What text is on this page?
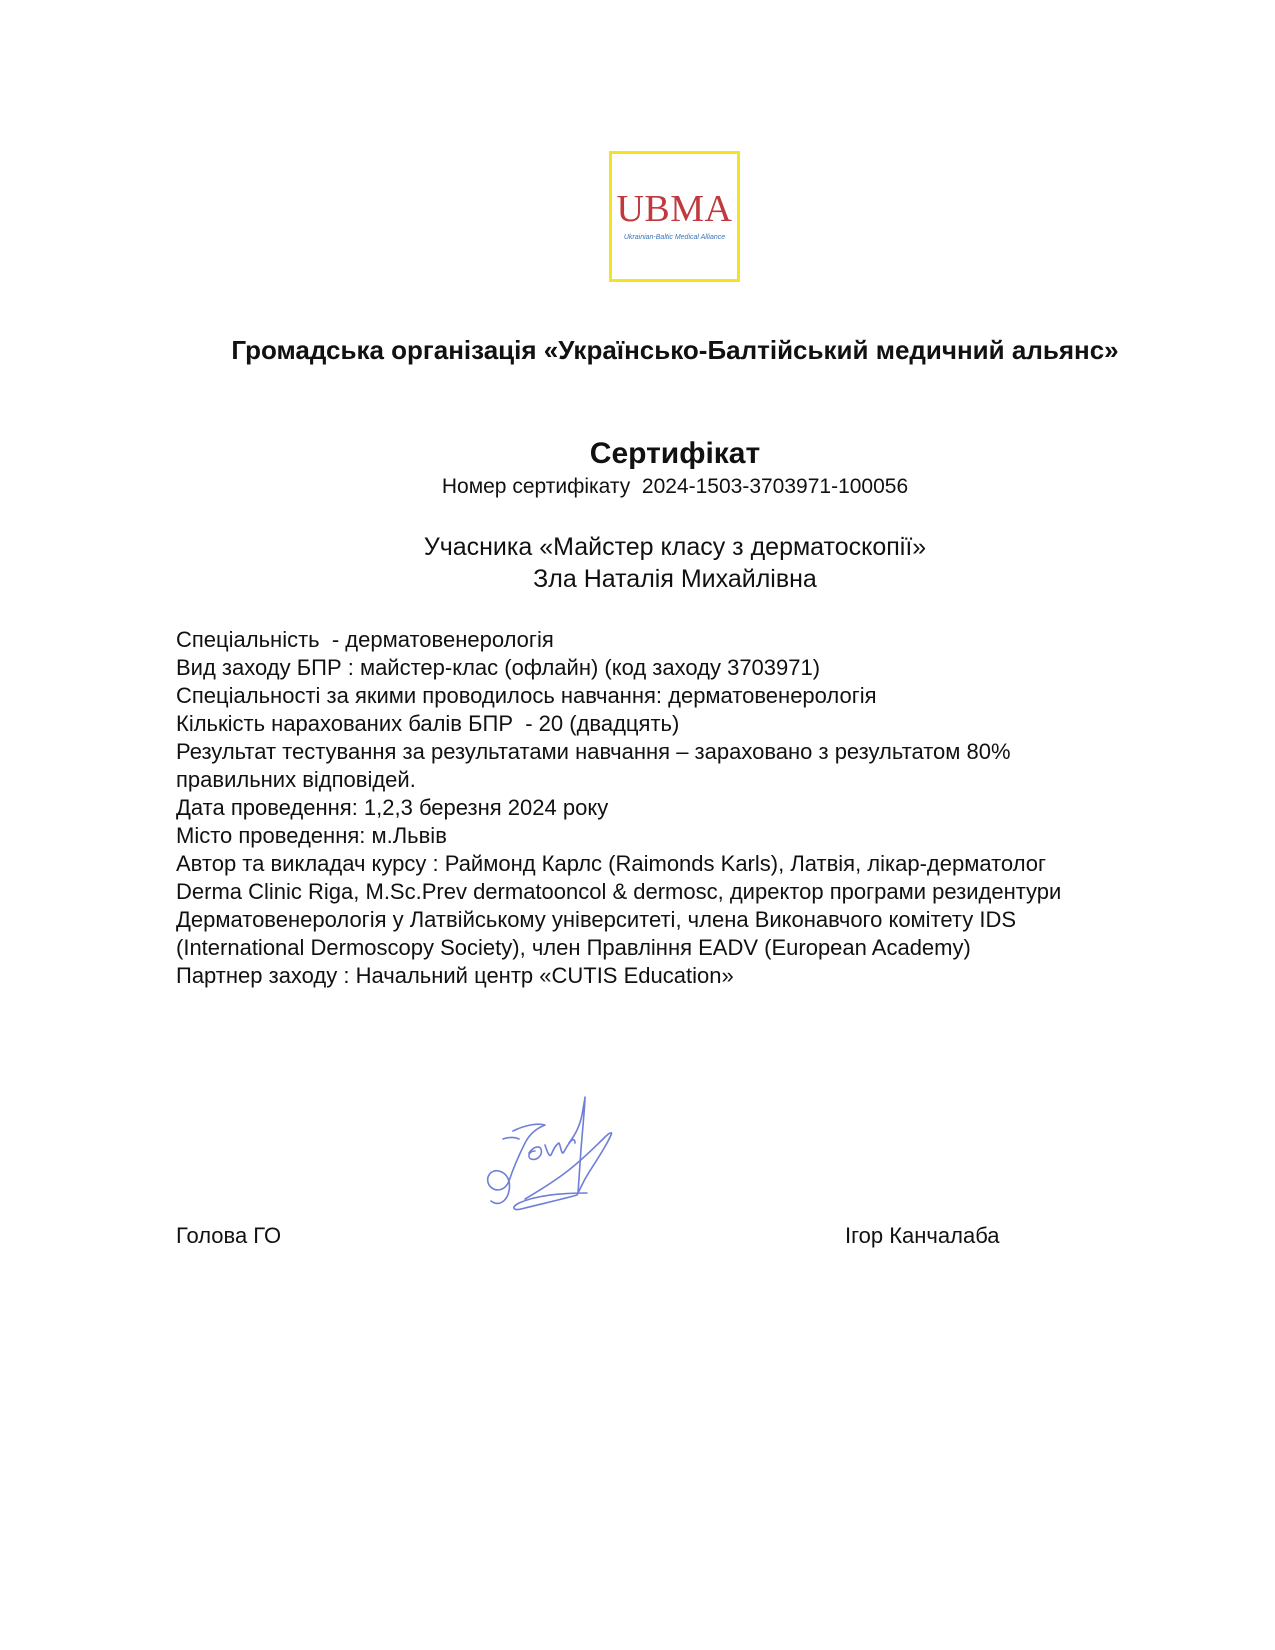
UBMA
Ukrainian-Baltic Medical Alliance
Громадська організація «Українсько-Балтійський медичний альянс»
Сертифікат
Номер сертифікату  2024-1503-3703971-100056
Учасника «Майстер класу з дерматоскопії»
Зла Наталія Михайлівна
Спеціальність  - дерматовенерологія
Вид заходу БПР : майстер-клас (офлайн) (код заходу 3703971)
Спеціальності за якими проводилось навчання: дерматовенерологія
Кількість нарахованих балів БПР  - 20 (двадцять)
Результат тестування за результатами навчання – зараховано з результатом 80%
правильних відповідей.
Дата проведення: 1,2,3 березня 2024 року
Місто проведення: м.Львів
Автор та викладач курсу : Раймонд Карлс (Raimonds Karls), Латвія, лікар-дерматолог
Derma Clinic Riga, M.Sc.Prev dermatooncol & dermosc, директор програми резидентури
Дерматовенерологія у Латвійському університеті, члена Виконавчого комітету IDS
(International Dermoscopy Society), член Правління EADV (European Academy)
Партнер заходу : Начальний центр «CUTIS Education»
Голова ГО	Ігор Канчалаба
